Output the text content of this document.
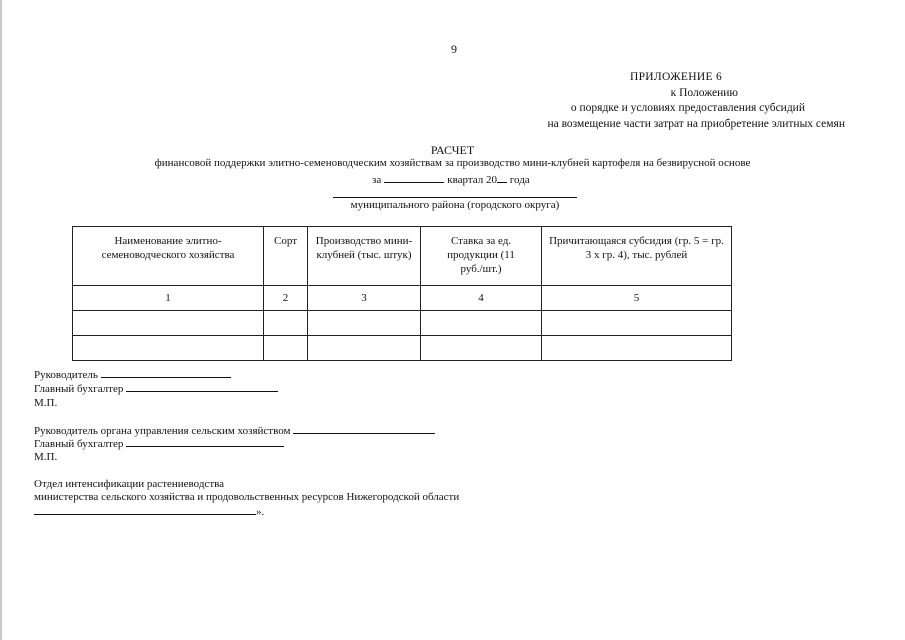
9
ПРИЛОЖЕНИЕ 6
к Положению
о порядке и условиях предоставления субсидий
на возмещение части затрат на приобретение элитных семян
РАСЧЕТ
финансовой поддержки элитно-семеноводческим хозяйствам за производство мини-клубней картофеля на безвирусной основе
за	квартал 20 года
муниципального района (городского округа)
Наименование элитно-семеноводческого хозяйства	Сорт	Производство мини-клубней (тыс. штук)	Ставка за ед. продукции (11 руб./шт.)	Причитающаяся субсидия (гр. 5 = гр. 3 х гр. 4), тыс. рублей
1	2	3	4	5

Руководитель
Главный бухгалтер
М.П.
Руководитель органа управления сельским хозяйством
Главный бухгалтер
М.П.
Отдел интенсификации растениеводства
министерства сельского хозяйства и продовольственных ресурсов Нижегородской области
».
